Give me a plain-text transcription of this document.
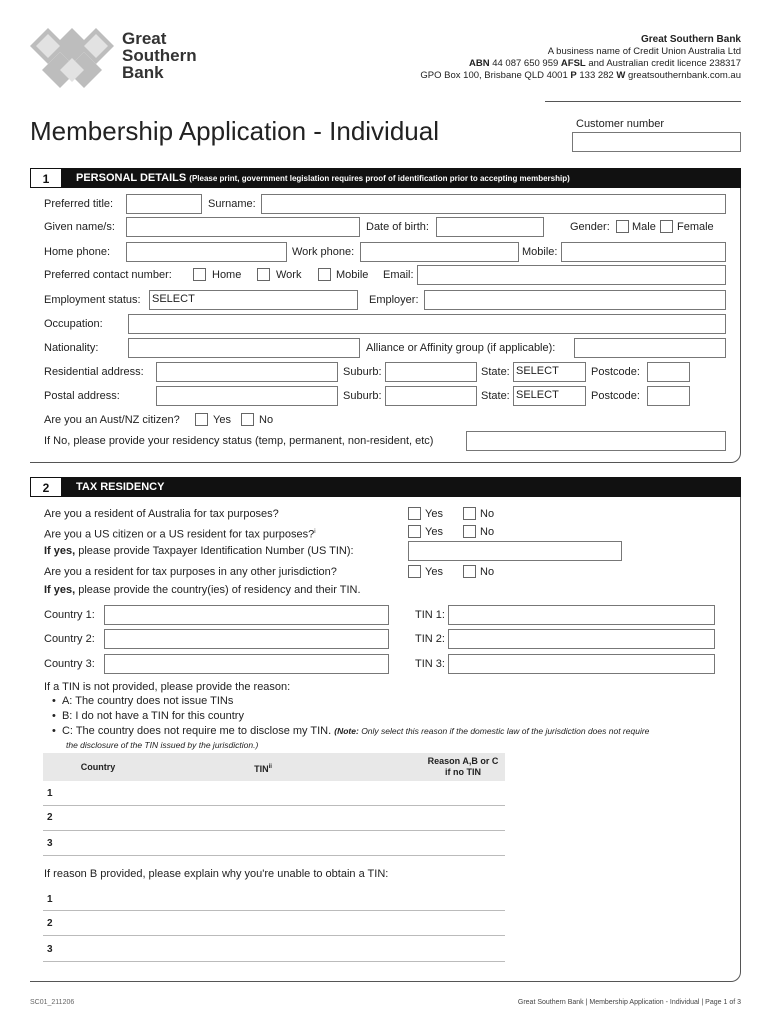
Great
Southern
Bank
Great Southern Bank
A business name of Credit Union Australia Ltd
ABN 44 087 650 959 AFSL and Australian credit licence 238317
GPO Box 100, Brisbane QLD 4001 P 133 282 W greatsouthernbank.com.au
Membership Application - Individual	Customer number
1	PERSONAL DETAILS (Please print, government legislation requires proof of identification prior to accepting membership)
Preferred title:	Surname:
Given name/s:	Date of birth:	Gender: Male Female
Home phone:	Work phone:	Mobile:
Preferred contact number:	Home	Work	Mobile Email:
Employment status: SELECT	Employer:
Occupation:
Nationality:	Alliance or Affinity group (if applicable):
Residential address:	Suburb:	State: SELECT	Postcode:
Postal address:	Suburb:	State: SELECT	Postcode:
Are you an Aust/NZ citizen?	Yes	No
If No, please provide your residency status (temp, permanent, non-resident, etc)
2	TAX RESIDENCY
Are you a resident of Australia for tax purposes?	Yes	No
Are you a US citizen or a US resident for tax purposes?$^i$	Yes	No
If yes, please provide Taxpayer Identification Number (US TIN):
Are you a resident for tax purposes in any other jurisdiction?	Yes	No
If yes, please provide the country(ies) of residency and their TIN.
Country 1:	TIN 1:
Country 2:	TIN 2:
Country 3:	TIN 3:
If a TIN is not provided, please provide the reason:
•  A: The country does not issue TINs
•  B: I do not have a TIN for this country
•  C: The country does not require me to disclose my TIN. (Note: Only select this reason if the domestic law of the jurisdiction does not require
the disclosure of the TIN issued by the jurisdiction.)
Country	TIN$^{ii}$
Reason A,B or C
if no TIN
1
2
3
If reason B provided, please explain why you're unable to obtain a TIN:
1
2
3
SC01_211206	Great Southern Bank | Membership Application - Individual | Page 1 of 3
